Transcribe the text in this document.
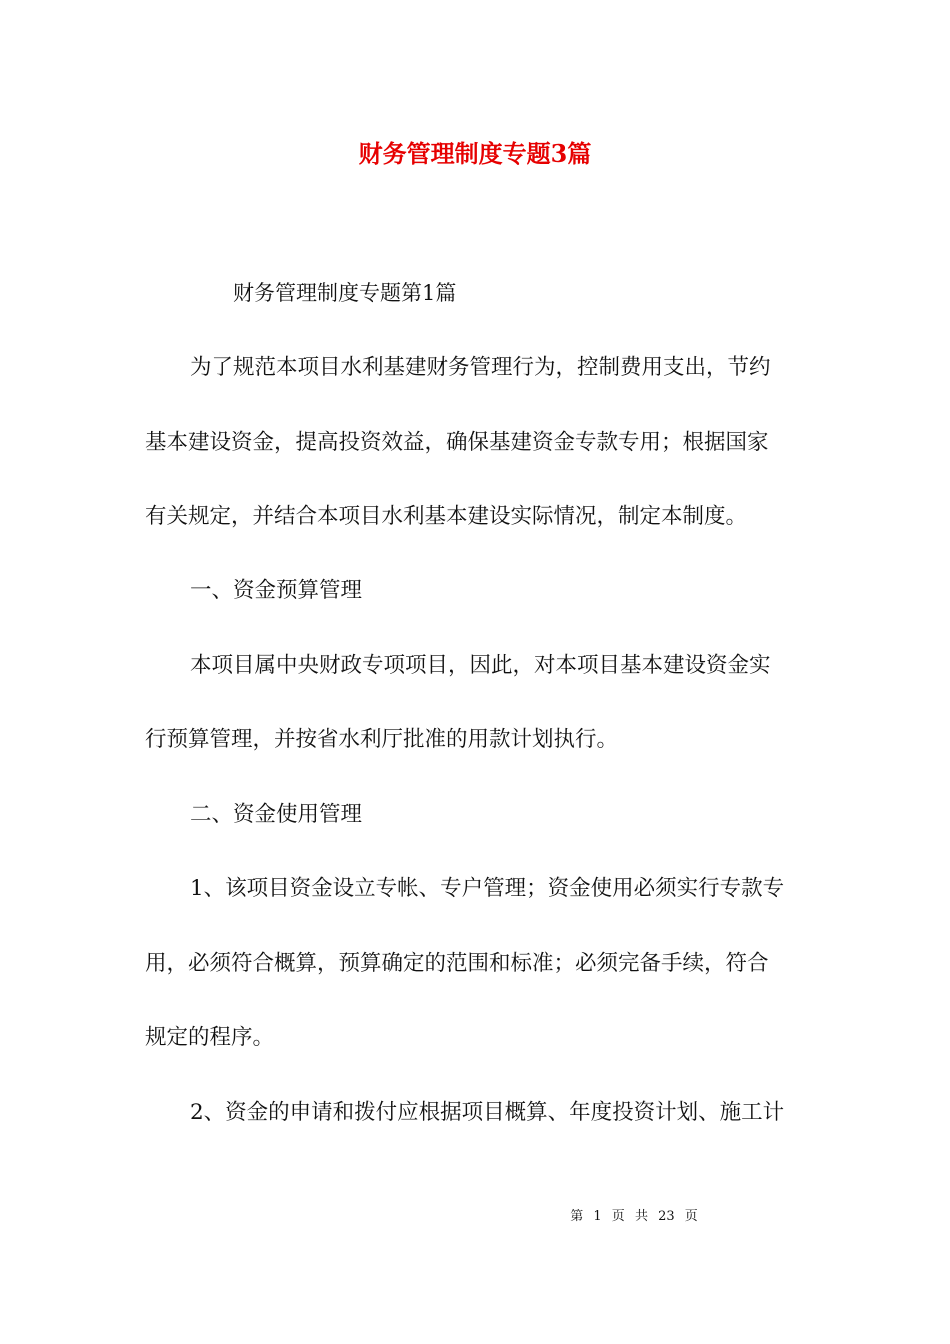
财务管理制度专题3篇
财务管理制度专题第1篇
为了规范本项目水利基建财务管理行为，控制费用支出，节约
基本建设资金，提高投资效益，确保基建资金专款专用；根据国家
有关规定，并结合本项目水利基本建设实际情况，制定本制度。
一、资金预算管理
本项目属中央财政专项项目，因此，对本项目基本建设资金实
行预算管理，并按省水利厅批准的用款计划执行。
二、资金使用管理
1、该项目资金设立专帐、专户管理；资金使用必须实行专款专
用，必须符合概算，预算确定的范围和标准；必须完备手续，符合
规定的程序。
2、资金的申请和拨付应根据项目概算、年度投资计划、施工计
第 1 页 共 23 页
